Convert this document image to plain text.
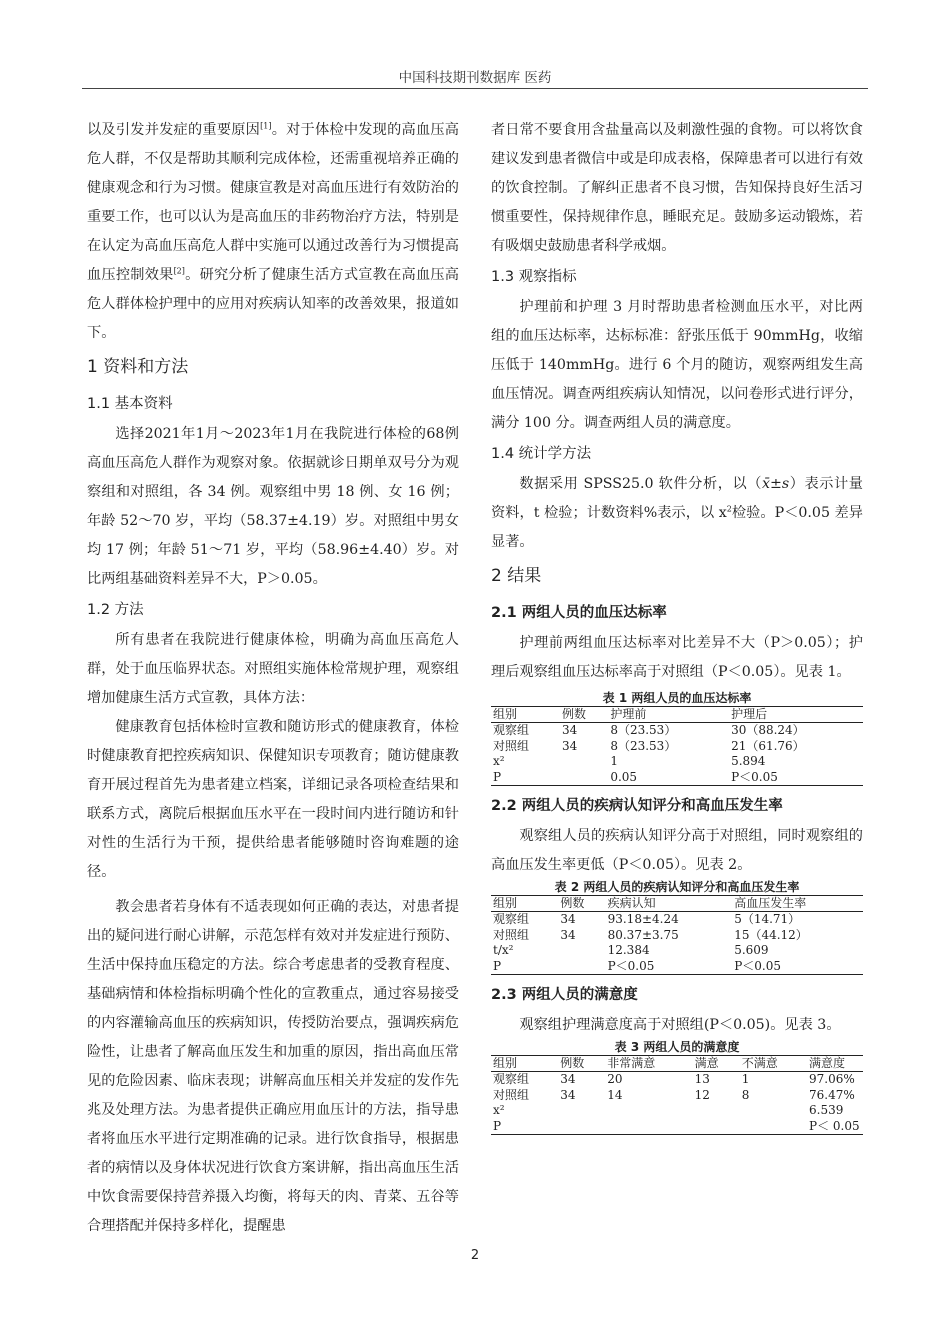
中国科技期刊数据库 医药

以及引发并发症的重要原因[1]。对于体检中发现的高血压高危人群，不仅是帮助其顺利完成体检，还需重视培养正确的健康观念和行为习惯。健康宣教是对高血压进行有效防治的重要工作，也可以认为是高血压的非药物治疗方法，特别是在认定为高血压高危人群中实施可以通过改善行为习惯提高血压控制效果[2]。研究分析了健康生活方式宣教在高血压高危人群体检护理中的应用对疾病认知率的改善效果，报道如下。

1 资料和方法
1.1 基本资料

选择2021年1月～2023年1月在我院进行体检的68例高血压高危人群作为观察对象。依据就诊日期单双号分为观察组和对照组，各 34 例。观察组中男 18 例、女 16 例；年龄 52～70 岁，平均（58.37±4.19）岁。对照组中男女均 17 例；年龄 51～71 岁，平均（58.96±4.40）岁。对比两组基础资料差异不大，P＞0.05。

1.2 方法

所有患者在我院进行健康体检，明确为高血压高危人群，处于血压临界状态。对照组实施体检常规护理，观察组增加健康生活方式宣教，具体方法：

健康教育包括体检时宣教和随访形式的健康教育，体检时健康教育把控疾病知识、保健知识专项教育；随访健康教育开展过程首先为患者建立档案，详细记录各项检查结果和联系方式，离院后根据血压水平在一段时间内进行随访和针对性的生活行为干预，提供给患者能够随时咨询难题的途径。

教会患者若身体有不适表现如何正确的表达，对患者提出的疑问进行耐心讲解，示范怎样有效对并发症进行预防、生活中保持血压稳定的方法。综合考虑患者的受教育程度、基础病情和体检指标明确个性化的宣教重点，通过容易接受的内容灌输高血压的疾病知识，传授防治要点，强调疾病危险性，让患者了解高血压发生和加重的原因，指出高血压常见的危险因素、临床表现；讲解高血压相关并发症的发作先兆及处理方法。为患者提供正确应用血压计的方法，指导患者将血压水平进行定期准确的记录。进行饮食指导，根据患者的病情以及身体状况进行饮食方案讲解，指出高血压生活中饮食需要保持营养摄入均衡，将每天的肉、青菜、五谷等合理搭配并保持多样化，提醒患

者日常不要食用含盐量高以及刺激性强的食物。可以将饮食建议发到患者微信中或是印成表格，保障患者可以进行有效的饮食控制。了解纠正患者不良习惯，告知保持良好生活习惯重要性，保持规律作息，睡眠充足。鼓励多运动锻炼，若有吸烟史鼓励患者科学戒烟。

1.3 观察指标

护理前和护理 3 月时帮助患者检测血压水平，对比两组的血压达标率，达标标准：舒张压低于 90mmHg，收缩压低于 140mmHg。进行 6 个月的随访，观察两组发生高血压情况。调查两组疾病认知情况，以问卷形式进行评分，满分 100 分。调查两组人员的满意度。

1.4 统计学方法

数据采用 SPSS25.0 软件分析，以（x̄±s）表示计量资料，t 检验；计数资料%表示，以 $x^2$检验。P＜0.05 差异显著。

2 结果
2.1 两组人员的血压达标率

护理前两组血压达标率对比差异不大（P＞0.05）；护理后观察组血压达标率高于对照组（P＜0.05）。见表 1。

表 1 两组人员的血压达标率
组别	例数	护理前	护理后
观察组	34	8（23.53）	30（88.24）
对照组	34	8（23.53）	21（61.76）
x²		1	5.894
P		0.05	P＜0.05
2.2 两组人员的疾病认知评分和高血压发生率

观察组人员的疾病认知评分高于对照组，同时观察组的高血压发生率更低（P＜0.05）。见表 2。

表 2 两组人员的疾病认知评分和高血压发生率
组别	例数	疾病认知	高血压发生率
观察组	34	93.18±4.24	5（14.71）
对照组	34	80.37±3.75	15（44.12）
t/x²		12.384	5.609
P		P＜0.05	P＜0.05
2.3 两组人员的满意度

观察组护理满意度高于对照组(P＜0.05)。见表 3。

表 3 两组人员的满意度
组别	例数	非常满意	满意	不满意	满意度
观察组	34	20	13	1	97.06%
对照组	34	14	12	8	76.47%
x²					6.539
P					P＜ 0.05
2
